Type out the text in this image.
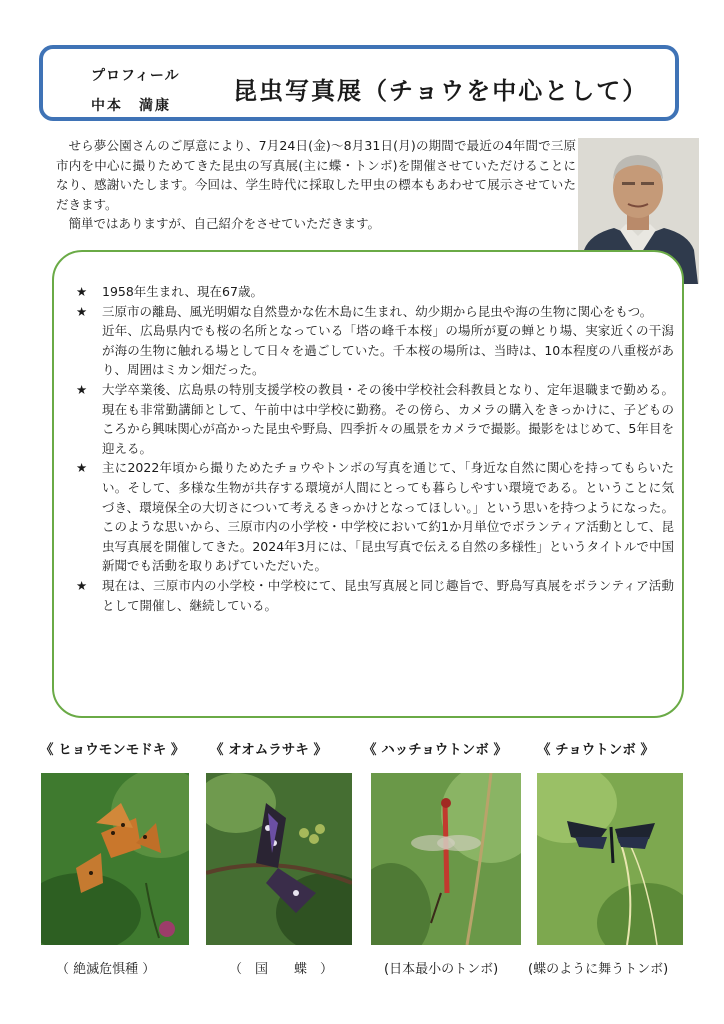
プロフィール
中本　満康
昆虫写真展（チョウを中心として）

せら夢公園さんのご厚意により、7月24日(金)～8月31日(月)の期間で最近の4年間で三原市内を中心に撮りためてきた昆虫の写真展(主に蝶・トンボ)を開催させていただけることになり、感謝いたします。今回は、学生時代に採取した甲虫の標本もあわせて展示させていただきます。

簡単ではありますが、自己紹介をさせていただきます。

★ 1958年生まれ、現在67歳。
★ 三原市の離島、風光明媚な自然豊かな佐木島に生まれ、幼少期から昆虫や海の生物に関心をもつ。
近年、広島県内でも桜の名所となっている「塔の峰千本桜」の場所が夏の蝉とり場、実家近くの干潟が海の生物に触れる場として日々を過ごしていた。千本桜の場所は、当時は、10本程度の八重桜があり、周囲はミカン畑だった。
★ 大学卒業後、広島県の特別支援学校の教員・その後中学校社会科教員となり、定年退職まで勤める。現在も非常勤講師として、午前中は中学校に勤務。その傍ら、カメラの購入をきっかけに、子どものころから興味関心が高かった昆虫や野鳥、四季折々の風景をカメラで撮影。撮影をはじめて、5年目を迎える。
★ 主に2022年頃から撮りためたチョウやトンボの写真を通じて、「身近な自然に関心を持ってもらいたい。そして、多様な生物が共存する環境が人間にとっても暮らしやすい環境である。ということに気づき、環境保全の大切さについて考えるきっかけとなってほしい。」という思いを持つようになった。このような思いから、三原市内の小学校・中学校において約1か月単位でボランティア活動として、昆虫写真展を開催してきた。2024年3月には、「昆虫写真で伝える自然の多様性」というタイトルで中国新聞でも活動を取りあげていただいた。
★ 現在は、三原市内の小学校・中学校にて、昆虫写真展と同じ趣旨で、野鳥写真展をボランティア活動として開催し、継続している。
《 ヒョウモンモドキ 》 《 オオムラサキ 》	《 ハッチョウトンボ 》 《 チョウトンボ 》
（ 絶滅危惧種 ）	（　国　　蝶　）	(日本最小のトンボ) (蝶のように舞うトンボ)
